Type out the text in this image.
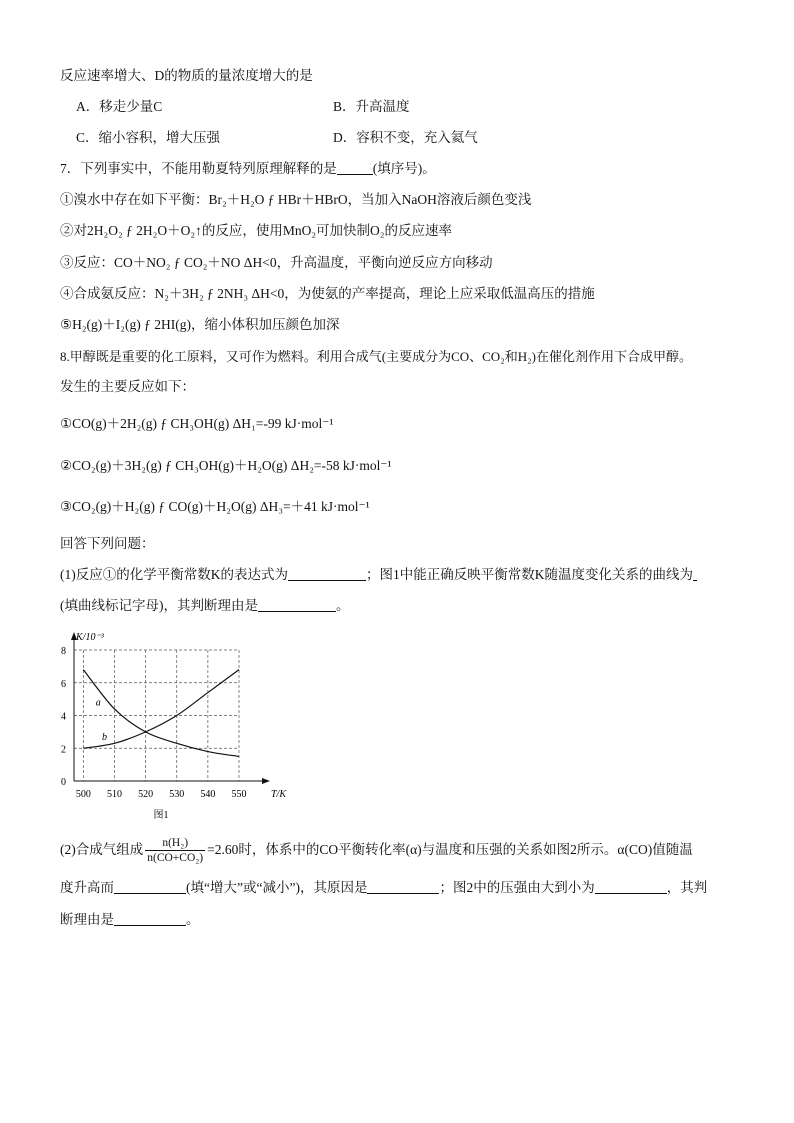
反应速率增大、D的物质的量浓度增大的是
A．移走少量C	B．升高温度
C．缩小容积，增大压强	D．容积不变，充入氦气
7．下列事实中，不能用勒夏特列原理解释的是	(填序号)。
①溴水中存在如下平衡：Br₂＋H₂O ƒ HBr＋HBrO，当加入NaOH溶液后颜色变浅
②对2H₂O₂ ƒ 2H₂O＋O₂↑的反应，使用MnO₂可加快制O₂的反应速率
③反应：CO＋NO₂ ƒ CO₂＋NO ΔH<0，升高温度，平衡向逆反应方向移动
④合成氨反应：N₂＋3H₂ ƒ 2NH₃ ΔH<0，为使氨的产率提高，理论上应采取低温高压的措施
⑤H₂(g)＋I₂(g) ƒ 2HI(g)，缩小体积加压颜色加深
8.甲醇既是重要的化工原料，又可作为燃料。利用合成气(主要成分为CO、CO₂和H₂)在催化剂作用下合成甲醇。
发生的主要反应如下：
①CO(g)＋2H₂(g) ƒ CH₃OH(g) ΔH₁=-99 kJ·mol⁻¹
②CO₂(g)＋3H₂(g) ƒ CH₃OH(g)＋H₂O(g) ΔH₂=-58 kJ·mol⁻¹
③CO₂(g)＋H₂(g) ƒ CO(g)＋H₂O(g) ΔH₃=＋41 kJ·mol⁻¹
回答下列问题：
(1)反应①的化学平衡常数K的表达式为	；图1中能正确反映平衡常数K随温度变化关系的曲线为
(填曲线标记字母)，其判断理由是	。
500 510 520 530 540 550
0
2
4
6
8
T/K
K/10⁻³
图1
a
b
(2)合成气组成 $\frac{\text{n(H₂)}}{\text{n(CO+CO₂)}} =2.60$时，体系中的CO平衡转化率(α)与温度和压强的关系如图2所示。α(CO)值随温
度升高而	(填“增大”或“减小”)，其原因是	；图2中的压强由大到小为	，其判
断理由是	。
